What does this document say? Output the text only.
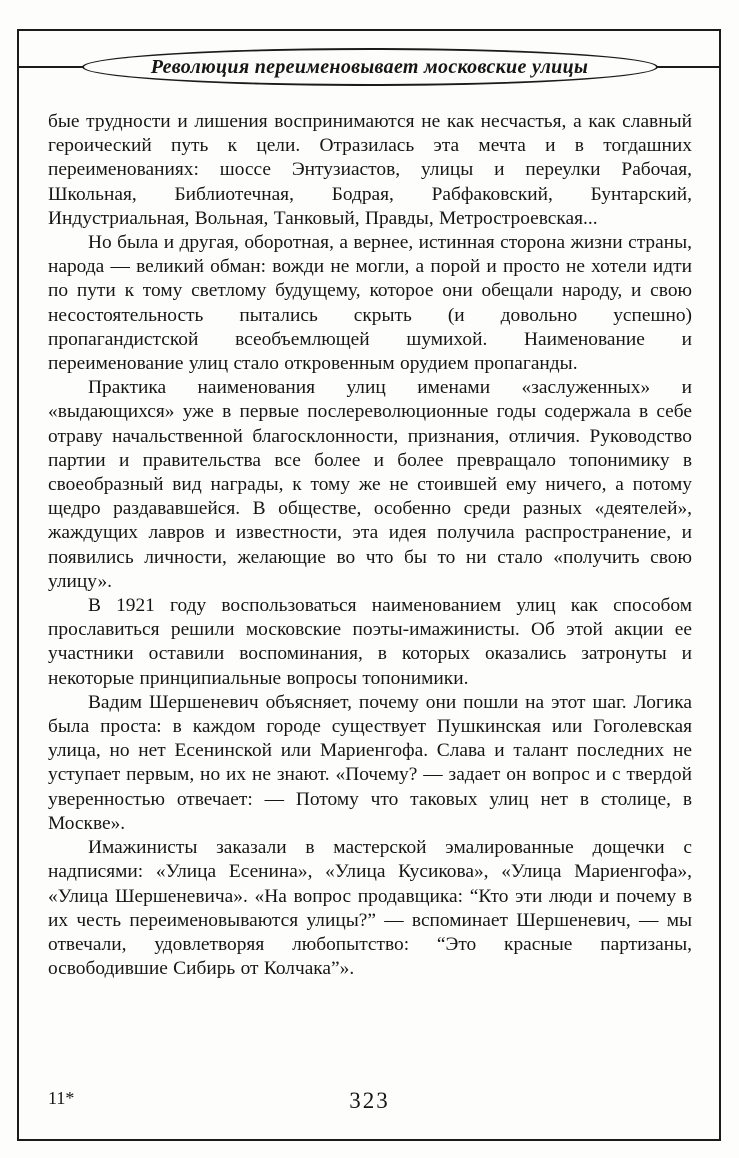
Революция переименовывает московские улицы

бые трудности и лишения воспринимаются не как несчастья, а как славный героический путь к цели. Отразилась эта мечта и в тогдашних переименованиях: шоссе Энтузиастов, улицы и переулки Рабочая, Школьная, Библиотечная, Бодрая, Рабфаковский, Бунтарский, Индустриальная, Вольная, Танковый, Правды, Метростроевская...

Но была и другая, оборотная, а вернее, истинная сторона жизни страны, народа — великий обман: вожди не могли, а порой и просто не хотели идти по пути к тому светлому будущему, которое они обещали народу, и свою несостоятельность пытались скрыть (и довольно успешно) пропагандистской всеобъемлющей шумихой. Наименование и переименование улиц стало откровенным орудием пропаганды.

Практика наименования улиц именами «заслуженных» и «выдающихся» уже в первые послереволюционные годы содержала в себе отраву начальственной благосклонности, признания, отличия. Руководство партии и правительства все более и более превращало топонимику в своеобразный вид награды, к тому же не стоившей ему ничего, а потому щедро раздававшейся. В обществе, особенно среди разных «деятелей», жаждущих лавров и известности, эта идея получила распространение, и появились личности, желающие во что бы то ни стало «получить свою улицу».

В 1921 году воспользоваться наименованием улиц как способом прославиться решили московские поэты-имажинисты. Об этой акции ее участники оставили воспоминания, в которых оказались затронуты и некоторые принципиальные вопросы топонимики.

Вадим Шершеневич объясняет, почему они пошли на этот шаг. Логика была проста: в каждом городе существует Пушкинская или Гоголевская улица, но нет Есенинской или Мариенгофа. Слава и талант последних не уступает первым, но их не знают. «Почему? — задает он вопрос и с твердой уверенностью отвечает: — Потому что таковых улиц нет в столице, в Москве».

Имажинисты заказали в мастерской эмалированные дощечки с надписями: «Улица Есенина», «Улица Кусикова», «Улица Мариенгофа», «Улица Шершеневича». «На вопрос продавщика: “Кто эти люди и почему в их честь переименовываются улицы?” — вспоминает Шершеневич, — мы отвечали, удовлетворяя любопытство: “Это красные партизаны, освободившие Сибирь от Колчака”».

11*	323
